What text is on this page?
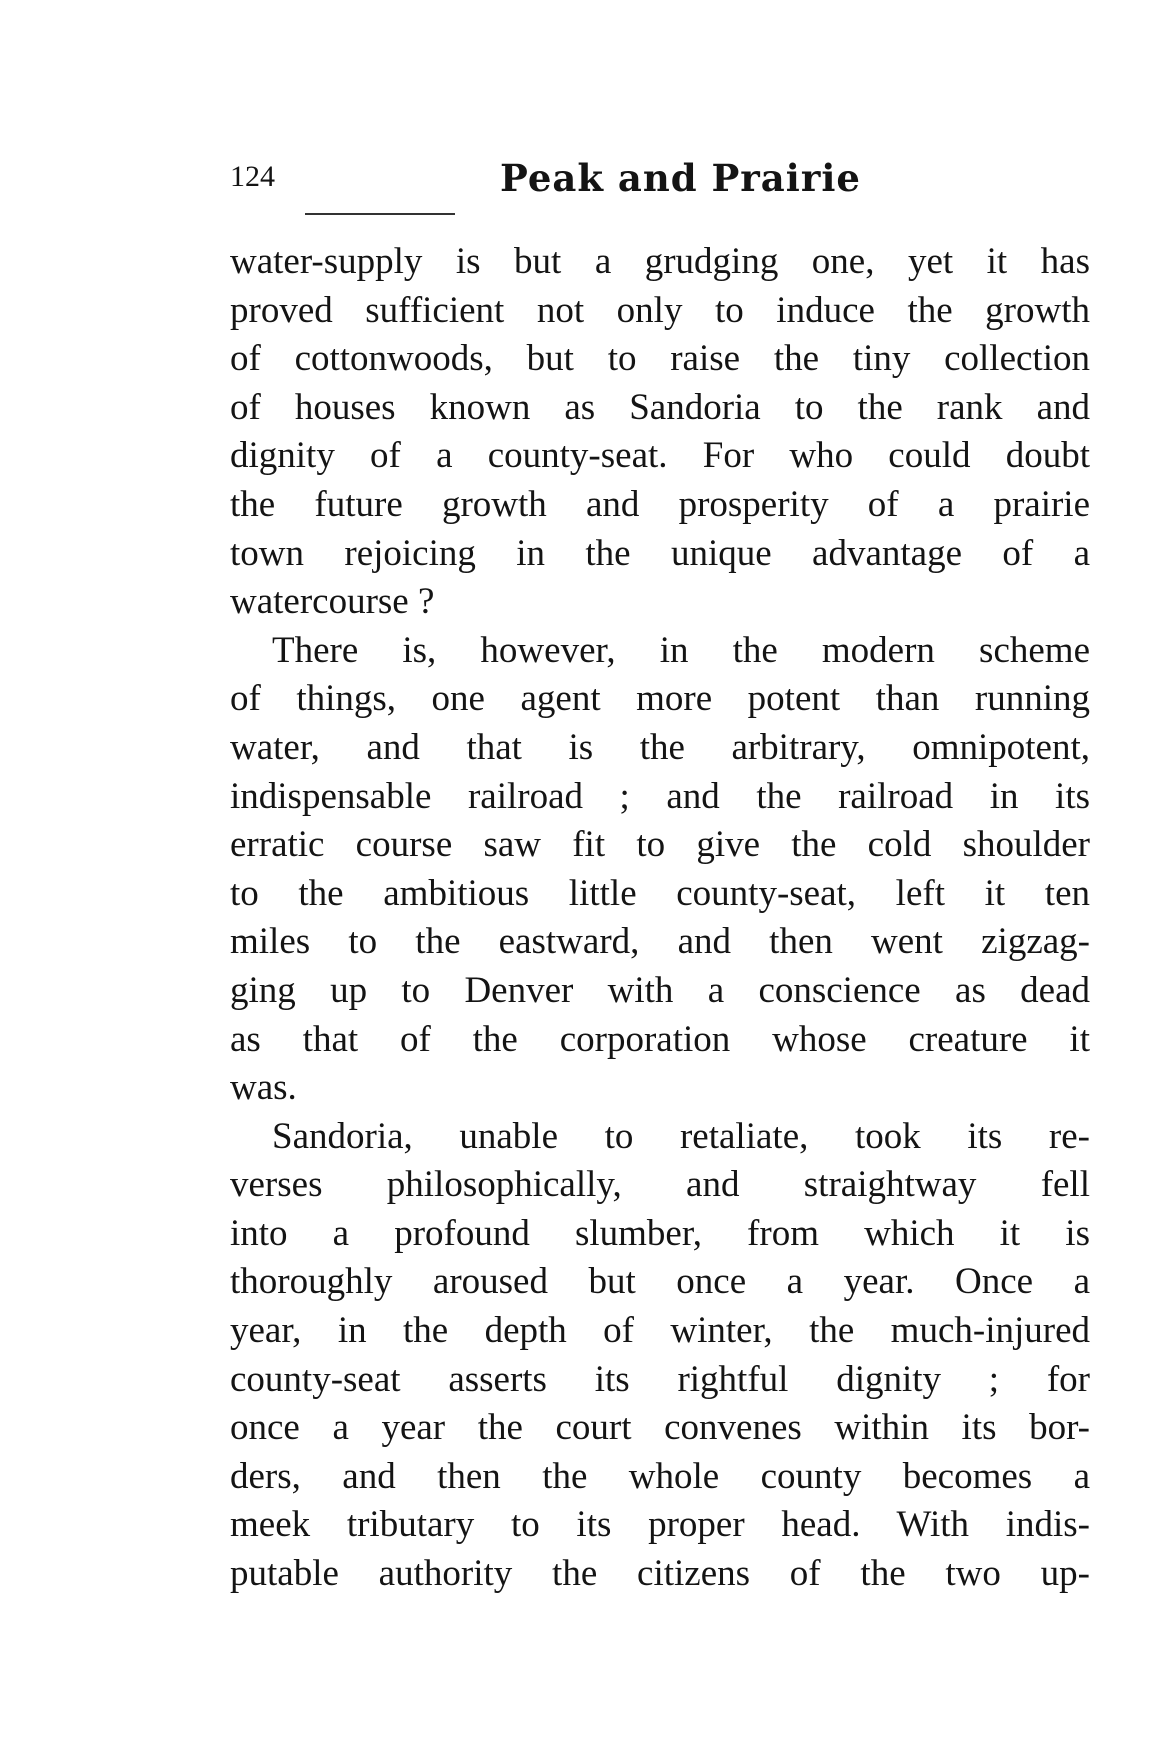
124	Peak and Prairie

water-supply is but a grudging one, yet it has
proved sufficient not only to induce the growth
of cottonwoods, but to raise the tiny collection
of houses known as Sandoria to the rank and
dignity of a county-seat. For who could doubt
the future growth and prosperity of a prairie
town rejoicing in the unique advantage of a
watercourse ?

There is, however, in the modern scheme
of things, one agent more potent than running
water, and that is the arbitrary, omnipotent,
indispensable railroad ; and the railroad in its
erratic course saw fit to give the cold shoulder
to the ambitious little county-seat, left it ten
miles to the eastward, and then went zigzag-
ging up to Denver with a conscience as dead
as that of the corporation whose creature it
was.

Sandoria, unable to retaliate, took its re-
verses philosophically, and straightway fell
into a profound slumber, from which it is
thoroughly aroused but once a year. Once a
year, in the depth of winter, the much-injured
county-seat asserts its rightful dignity ; for
once a year the court convenes within its bor-
ders, and then the whole county becomes a
meek tributary to its proper head. With indis-
putable authority the citizens of the two up-
